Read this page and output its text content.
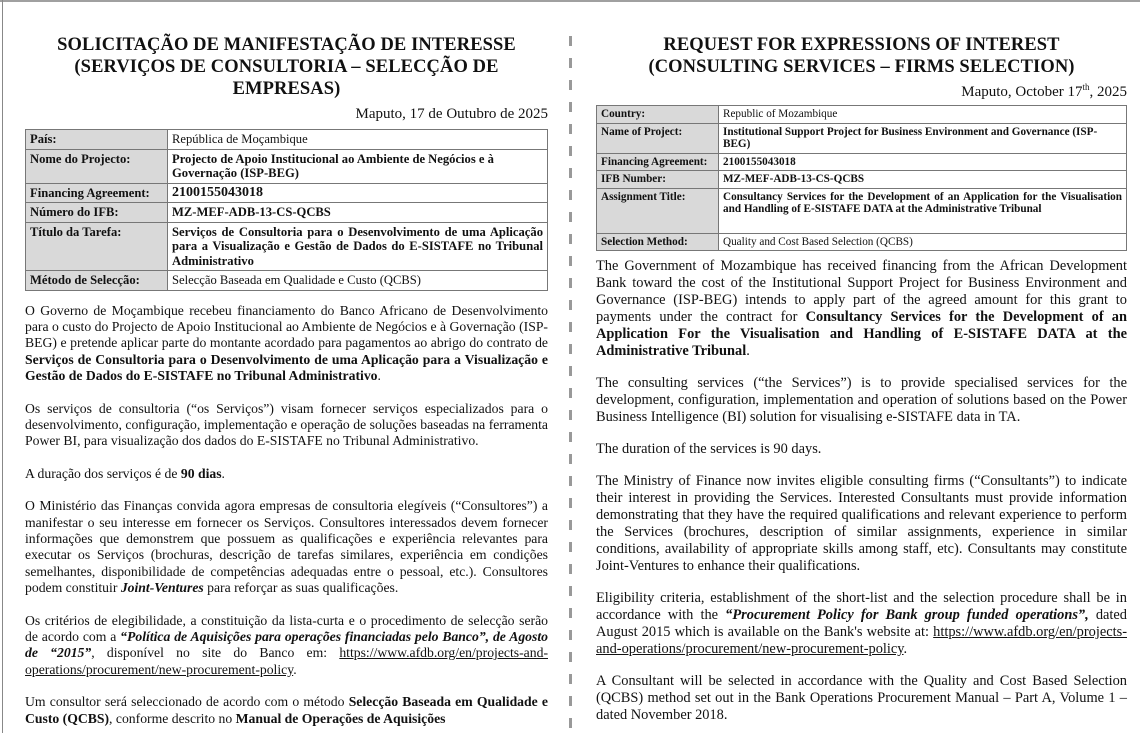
SOLICITAÇÃO DE MANIFESTAÇÃO DE INTERESSE
(SERVIÇOS DE CONSULTORIA – SELECÇÃO DE EMPRESAS)
Maputo, 17 de Outubro de 2025
País:	República de Moçambique
Nome do Projecto:	Projecto de Apoio Institucional ao Ambiente de Negócios e à Governação (ISP-BEG)
Financing Agreement:	2100155043018
Número do IFB:	MZ-MEF-ADB-13-CS-QCBS
Título da Tarefa:	Serviços de Consultoria para o Desenvolvimento de uma Aplicação para a Visualização e Gestão de Dados do E-SISTAFE no Tribunal Administrativo
Método de Selecção:	Selecção Baseada em Qualidade e Custo (QCBS)

O Governo de Moçambique recebeu financiamento do Banco Africano de Desenvolvimento para o custo do Projecto de Apoio Institucional ao Ambiente de Negócios e à Governação (ISP-BEG) e pretende aplicar parte do montante acordado para pagamentos ao abrigo do contrato de Serviços de Consultoria para o Desenvolvimento de uma Aplicação para a Visualização e Gestão de Dados do E-SISTAFE no Tribunal Administrativo.

Os serviços de consultoria (“os Serviços”) visam fornecer serviços especializados para o desenvolvimento, configuração, implementação e operação de soluções baseadas na ferramenta Power BI, para visualização dos dados do E-SISTAFE no Tribunal Administrativo.

A duração dos serviços é de 90 dias.

O Ministério das Finanças convida agora empresas de consultoria elegíveis (“Consultores”) a manifestar o seu interesse em fornecer os Serviços. Consultores interessados devem fornecer informações que demonstrem que possuem as qualificações e experiência relevantes para executar os Serviços (brochuras, descrição de tarefas similares, experiência em condições semelhantes, disponibilidade de competências adequadas entre o pessoal, etc.). Consultores podem constituir Joint-Ventures para reforçar as suas qualificações.

Os critérios de elegibilidade, a constituição da lista-curta e o procedimento de selecção serão de acordo com a “Política de Aquisições para operações financiadas pelo Banco”, de Agosto de “2015”, disponível no site do Banco em: https://www.afdb.org/en/projects-and-operations/procurement/new-procurement-policy.

Um consultor será seleccionado de acordo com o método Selecção Baseada em Qualidade e Custo (QCBS), conforme descrito no Manual de Operações de Aquisições

REQUEST FOR EXPRESSIONS OF INTEREST
(CONSULTING SERVICES – FIRMS SELECTION)
Maputo, October 17th, 2025
Country:	Republic of Mozambique
Name of Project:	Institutional Support Project for Business Environment and Governance (ISP-BEG)
Financing Agreement:	2100155043018
IFB Number:	MZ-MEF-ADB-13-CS-QCBS
Assignment Title:	Consultancy Services for the Development of an Application for the Visualisation and Handling of E-SISTAFE DATA at the Administrative Tribunal
Selection Method:	Quality and Cost Based Selection (QCBS)

The Government of Mozambique has received financing from the African Development Bank toward the cost of the Institutional Support Project for Business Environment and Governance (ISP-BEG) intends to apply part of the agreed amount for this grant to payments under the contract for Consultancy Services for the Development of an Application For the Visualisation and Handling of E-SISTAFE DATA at the Administrative Tribunal.

The consulting services (“the Services”) is to provide specialised services for the development, configuration, implementation and operation of solutions based on the Power Business Intelligence (BI) solution for visualising e-SISTAFE data in TA.

The duration of the services is 90 days.

The Ministry of Finance now invites eligible consulting firms (“Consultants”) to indicate their interest in providing the Services. Interested Consultants must provide information demonstrating that they have the required qualifications and relevant experience to perform the Services (brochures, description of similar assignments, experience in similar conditions, availability of appropriate skills among staff, etc). Consultants may constitute Joint-Ventures to enhance their qualifications.

Eligibility criteria, establishment of the short-list and the selection procedure shall be in accordance with the “Procurement Policy for Bank group funded operations”, dated August 2015 which is available on the Bank's website at: https://www.afdb.org/en/projects-and-operations/procurement/new-procurement-policy.

A Consultant will be selected in accordance with the Quality and Cost Based Selection (QCBS) method set out in the Bank Operations Procurement Manual – Part A, Volume 1 – dated November 2018.
